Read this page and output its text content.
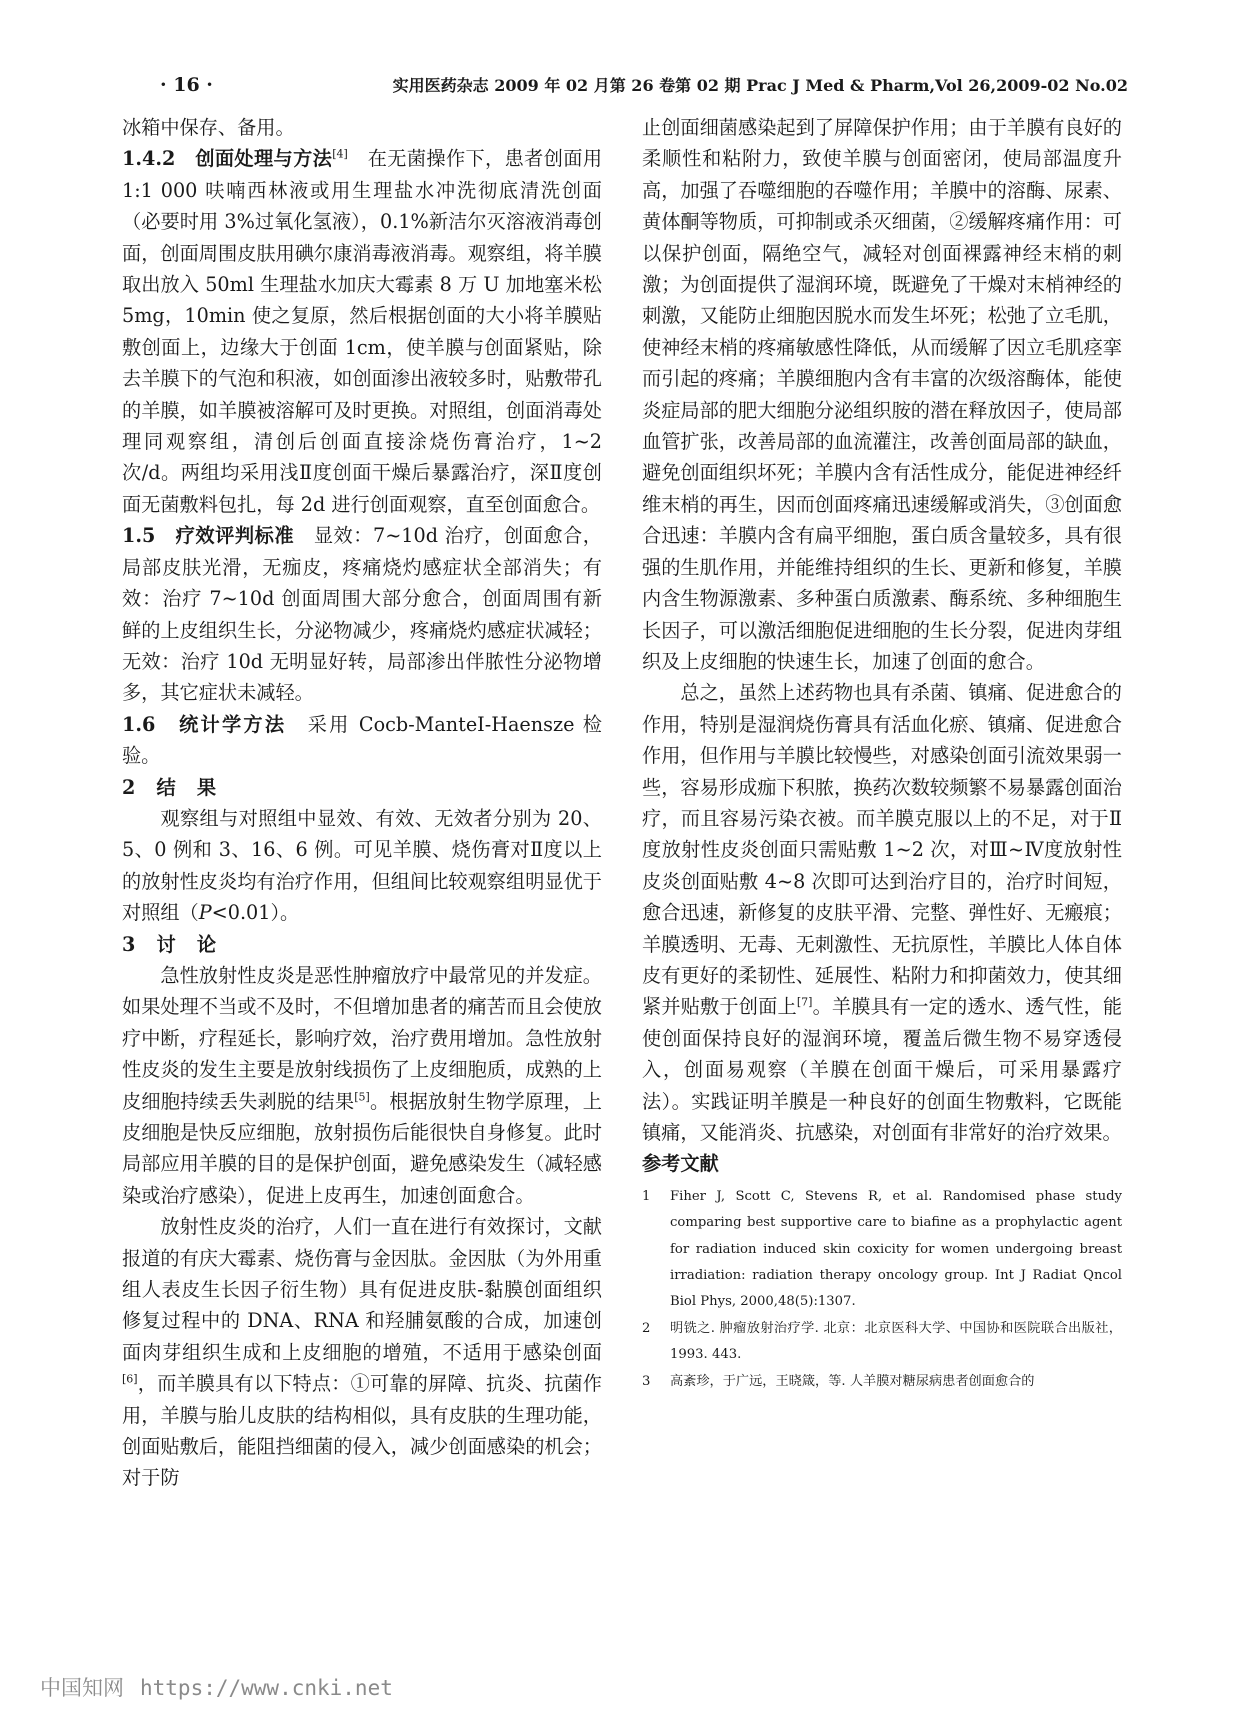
· 16 ·	实用医药杂志 2009 年 02 月第 26 卷第 02 期 Prac J Med & Pharm,Vol 26,2009-02 No.02

冰箱中保存、备用。

1.4.2　创面处理与方法[4]　在无菌操作下，患者创面用 1:1 000 呋喃西林液或用生理盐水冲洗彻底清洗创面（必要时用 3%过氧化氢液），0.1%新洁尔灭溶液消毒创面，创面周围皮肤用碘尔康消毒液消毒。观察组，将羊膜取出放入 50ml 生理盐水加庆大霉素 8 万 U 加地塞米松 5mg，10min 使之复原，然后根据创面的大小将羊膜贴敷创面上，边缘大于创面 1cm，使羊膜与创面紧贴，除去羊膜下的气泡和积液，如创面渗出液较多时，贴敷带孔的羊膜，如羊膜被溶解可及时更换。对照组，创面消毒处理同观察组，清创后创面直接涂烧伤膏治疗，1~2 次/d。两组均采用浅Ⅱ度创面干燥后暴露治疗，深Ⅱ度创面无菌敷料包扎，每 2d 进行创面观察，直至创面愈合。

1.5　疗效评判标准　显效：7~10d 治疗，创面愈合，局部皮肤光滑，无痂皮，疼痛烧灼感症状全部消失；有效：治疗 7~10d 创面周围大部分愈合，创面周围有新鲜的上皮组织生长，分泌物减少，疼痛烧灼感症状减轻；无效：治疗 10d 无明显好转，局部渗出伴脓性分泌物增多，其它症状未减轻。

1.6　统计学方法　采用 Cocb-ManteI-Haensze 检验。

2　结　果

观察组与对照组中显效、有效、无效者分别为 20、5、0 例和 3、16、6 例。可见羊膜、烧伤膏对Ⅱ度以上的放射性皮炎均有治疗作用，但组间比较观察组明显优于对照组（P<0.01）。

3　讨　论

急性放射性皮炎是恶性肿瘤放疗中最常见的并发症。如果处理不当或不及时，不但增加患者的痛苦而且会使放疗中断，疗程延长，影响疗效，治疗费用增加。急性放射性皮炎的发生主要是放射线损伤了上皮细胞质，成熟的上皮细胞持续丢失剥脱的结果[5]。根据放射生物学原理，上皮细胞是快反应细胞，放射损伤后能很快自身修复。此时局部应用羊膜的目的是保护创面，避免感染发生（减轻感染或治疗感染），促进上皮再生，加速创面愈合。

放射性皮炎的治疗，人们一直在进行有效探讨，文献报道的有庆大霉素、烧伤膏与金因肽。金因肽（为外用重组人表皮生长因子衍生物）具有促进皮肤-黏膜创面组织修复过程中的 DNA、RNA 和羟脯氨酸的合成，加速创面肉芽组织生成和上皮细胞的增殖，不适用于感染创面[6]，而羊膜具有以下特点：①可靠的屏障、抗炎、抗菌作用，羊膜与胎儿皮肤的结构相似，具有皮肤的生理功能，创面贴敷后，能阻挡细菌的侵入，减少创面感染的机会；对于防

止创面细菌感染起到了屏障保护作用；由于羊膜有良好的柔顺性和粘附力，致使羊膜与创面密闭，使局部温度升高，加强了吞噬细胞的吞噬作用；羊膜中的溶酶、尿素、黄体酮等物质，可抑制或杀灭细菌，②缓解疼痛作用：可以保护创面，隔绝空气，减轻对创面裸露神经末梢的刺激；为创面提供了湿润环境，既避免了干燥对末梢神经的刺激，又能防止细胞因脱水而发生坏死；松弛了立毛肌，使神经末梢的疼痛敏感性降低，从而缓解了因立毛肌痉挛而引起的疼痛；羊膜细胞内含有丰富的次级溶酶体，能使炎症局部的肥大细胞分泌组织胺的潜在释放因子，使局部血管扩张，改善局部的血流灌注，改善创面局部的缺血，避免创面组织坏死；羊膜内含有活性成分，能促进神经纤维末梢的再生，因而创面疼痛迅速缓解或消失，③创面愈合迅速：羊膜内含有扁平细胞，蛋白质含量较多，具有很强的生肌作用，并能维持组织的生长、更新和修复，羊膜内含生物源激素、多种蛋白质激素、酶系统、多种细胞生长因子，可以激活细胞促进细胞的生长分裂，促进肉芽组织及上皮细胞的快速生长，加速了创面的愈合。

总之，虽然上述药物也具有杀菌、镇痛、促进愈合的作用，特别是湿润烧伤膏具有活血化瘀、镇痛、促进愈合作用，但作用与羊膜比较慢些，对感染创面引流效果弱一些，容易形成痂下积脓，换药次数较频繁不易暴露创面治疗，而且容易污染衣被。而羊膜克服以上的不足，对于Ⅱ度放射性皮炎创面只需贴敷 1~2 次，对Ⅲ~Ⅳ度放射性皮炎创面贴敷 4~8 次即可达到治疗目的，治疗时间短，愈合迅速，新修复的皮肤平滑、完整、弹性好、无瘢痕；羊膜透明、无毒、无刺激性、无抗原性，羊膜比人体自体皮有更好的柔韧性、延展性、粘附力和抑菌效力，使其细紧并贴敷于创面上[7]。羊膜具有一定的透水、透气性，能使创面保持良好的湿润环境，覆盖后微生物不易穿透侵入，创面易观察（羊膜在创面干燥后，可采用暴露疗法）。实践证明羊膜是一种良好的创面生物敷料，它既能镇痛，又能消炎、抗感染，对创面有非常好的治疗效果。

参考文献

1 Fiher J, Scott C, Stevens R, et al. Randomised phase study comparing best supportive care to biafine as a prophylactic agent for radiation induced skin coxicity for women undergoing breast irradiation: radiation therapy oncology group. Int J Radiat Qncol Biol Phys, 2000,48(5):1307.
2 明铣之. 肿瘤放射治疗学. 北京：北京医科大学、中国协和医院联合出版社，1993. 443.
3 高紊珍，于广远，王晓箴，等. 人羊膜对糖尿病患者创面愈合的
中国知网 https://www.cnki.net
